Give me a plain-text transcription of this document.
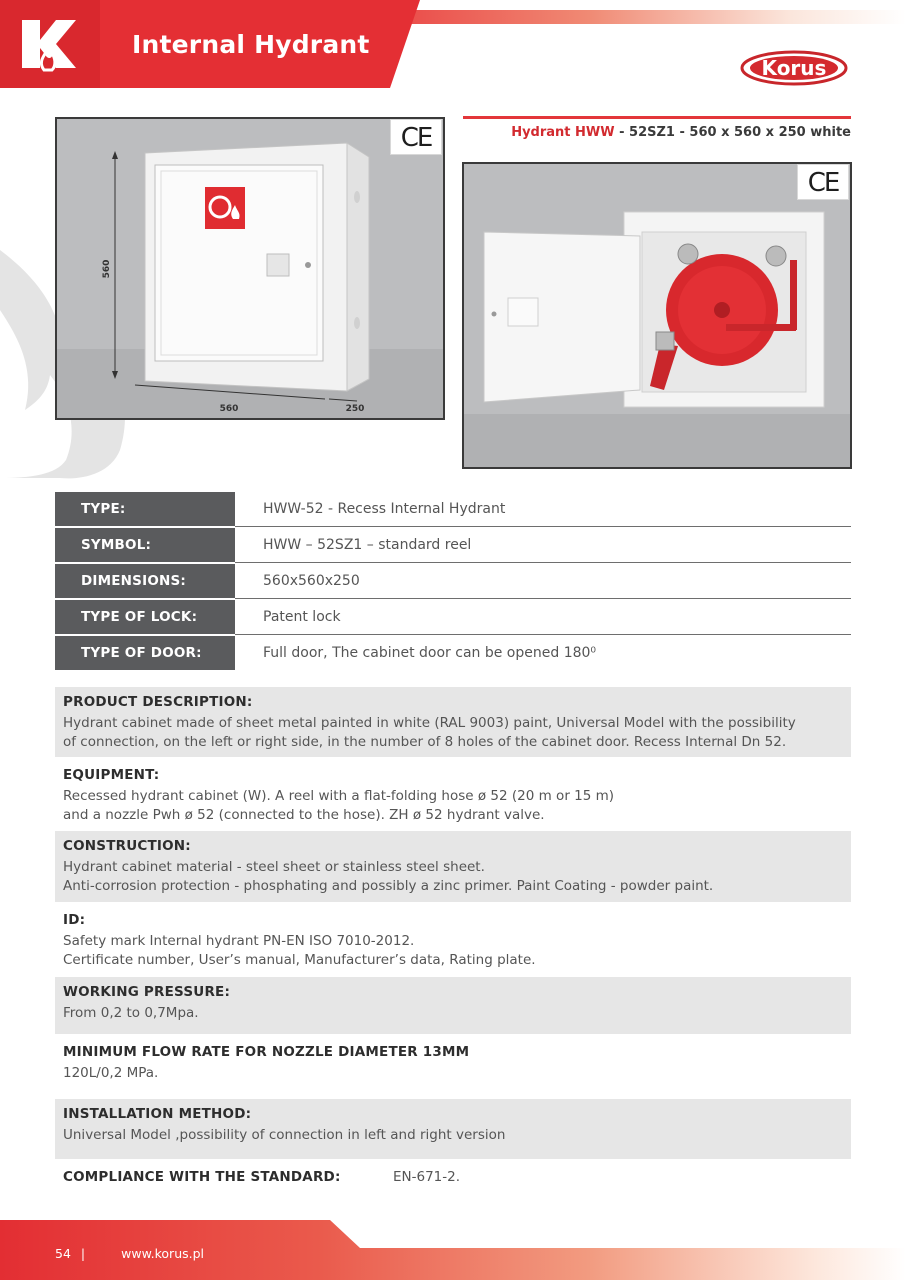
Internal Hydrant
Korus
560
560	250
CE	Hydrant HWW - 52SZ1 - 560 x 560 x 250 white
CE
TYPE:	HWW-52 - Recess Internal Hydrant
SYMBOL:	HWW – 52SZ1 – standard reel
DIMENSIONS:	560x560x250
TYPE OF LOCK:	Patent lock
TYPE OF DOOR:	Full door, The cabinet door can be opened 180⁰
PRODUCT DESCRIPTION:

Hydrant cabinet made of sheet metal painted in white (RAL 9003) paint, Universal Model with the possibility

of connection, on the left or right side, in the number of 8 holes of the cabinet door. Recess Internal Dn 52.

EQUIPMENT:

Recessed hydrant cabinet (W). A reel with a flat-folding hose ø 52 (20 m or 15 m)

and a nozzle Pwh ø 52 (connected to the hose). ZH ø 52 hydrant valve.

CONSTRUCTION:

Hydrant cabinet material - steel sheet or stainless steel sheet.

Anti-corrosion protection - phosphating and possibly a zinc primer. Paint Coating - powder paint.

ID:

Safety mark Internal hydrant PN-EN ISO 7010-2012.

Certificate number, User’s manual, Manufacturer’s data, Rating plate.

WORKING PRESSURE:

From 0,2 to 0,7Mpa.

MINIMUM FLOW RATE FOR NOZZLE DIAMETER 13MM

120L/0,2 MPa.

INSTALLATION METHOD:

Universal Model ,possibility of connection in left and right version

COMPLIANCE WITH THE STANDARD:	EN-671-2.
54 |	www.korus.pl
